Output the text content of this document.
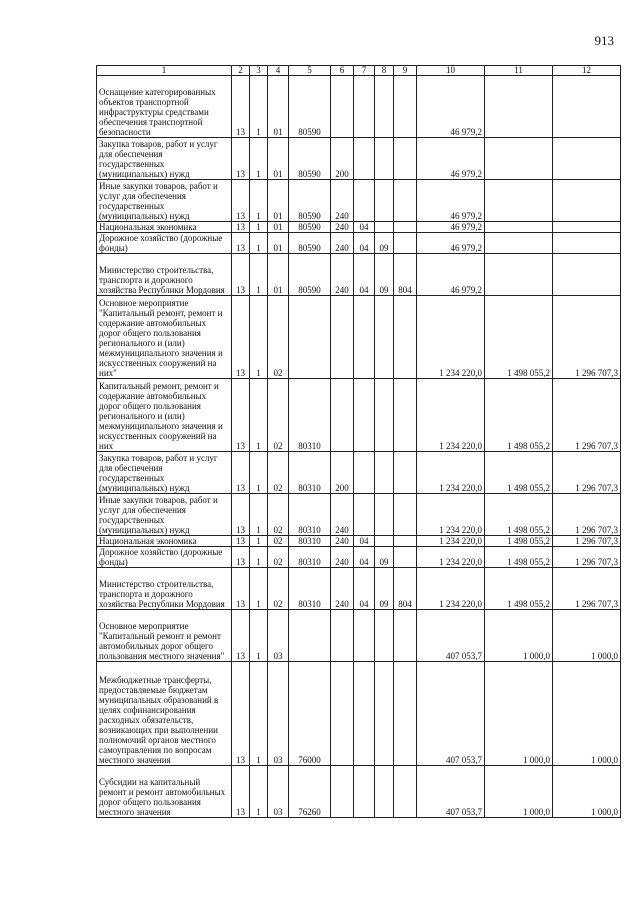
913
1	2	3	4	5	6	7	8	9	10	11	12

Оснащение категорированных объектов транспортной инфраструктуры средствами обеспечения транспортной безопасности	13	1	01	80590					46 979,2		

Закупка товаров, работ и услуг для обеспечения государственных (муниципальных) нужд	13	1	01	80590	200				46 979,2		

Иные закупки товаров, работ и услуг для обеспечения государственных (муниципальных) нужд	13	1	01	80590	240				46 979,2		

Национальная экономика	13	1	01	80590	240	04			46 979,2		

Дорожное хозяйство (дорожные фонды)	13	1	01	80590	240	04	09		46 979,2		

Министерство строительства, транспорта и дорожного хозяйства Республики Мордовия	13	1	01	80590	240	04	09	804	46 979,2		

Основное мероприятие "Капитальный ремонт, ремонт и содержание автомобильных дорог общего пользования регионального и (или) межмуниципального значения и искусственных сооружений на них"	13	1	02						1 234 220,0	1 498 055,2	1 296 707,3

Капитальный ремонт, ремонт и содержание автомобильных дорог общего пользования регионального и (или) межмуниципального значения и искусственных сооружений на них	13	1	02	80310					1 234 220,0	1 498 055,2	1 296 707,3

Закупка товаров, работ и услуг для обеспечения государственных (муниципальных) нужд	13	1	02	80310	200				1 234 220,0	1 498 055,2	1 296 707,3

Иные закупки товаров, работ и услуг для обеспечения государственных (муниципальных) нужд	13	1	02	80310	240				1 234 220,0	1 498 055,2	1 296 707,3

Национальная экономика	13	1	02	80310	240	04			1 234 220,0	1 498 055,2	1 296 707,3

Дорожное хозяйство (дорожные фонды)	13	1	02	80310	240	04	09		1 234 220,0	1 498 055,2	1 296 707,3

Министерство строительства, транспорта и дорожного хозяйства Республики Мордовия	13	1	02	80310	240	04	09	804	1 234 220,0	1 498 055,2	1 296 707,3

Основное мероприятие "Капитальный ремонт и ремонт автомобильных дорог общего пользования местного значения"	13	1	03						407 053,7	1 000,0	1 000,0

Межбюджетные трансферты, предоставляемые бюджетам муниципальных образований в целях софинансирования расходных обязательств, возникающих при выполнении полномочий органов местного самоуправления по вопросам местного значения	13	1	03	76000					407 053,7	1 000,0	1 000,0

Субсидии на капитальный ремонт и ремонт автомобильных дорог общего пользования местного значения	13	1	03	76260					407 053,7	1 000,0	1 000,0
